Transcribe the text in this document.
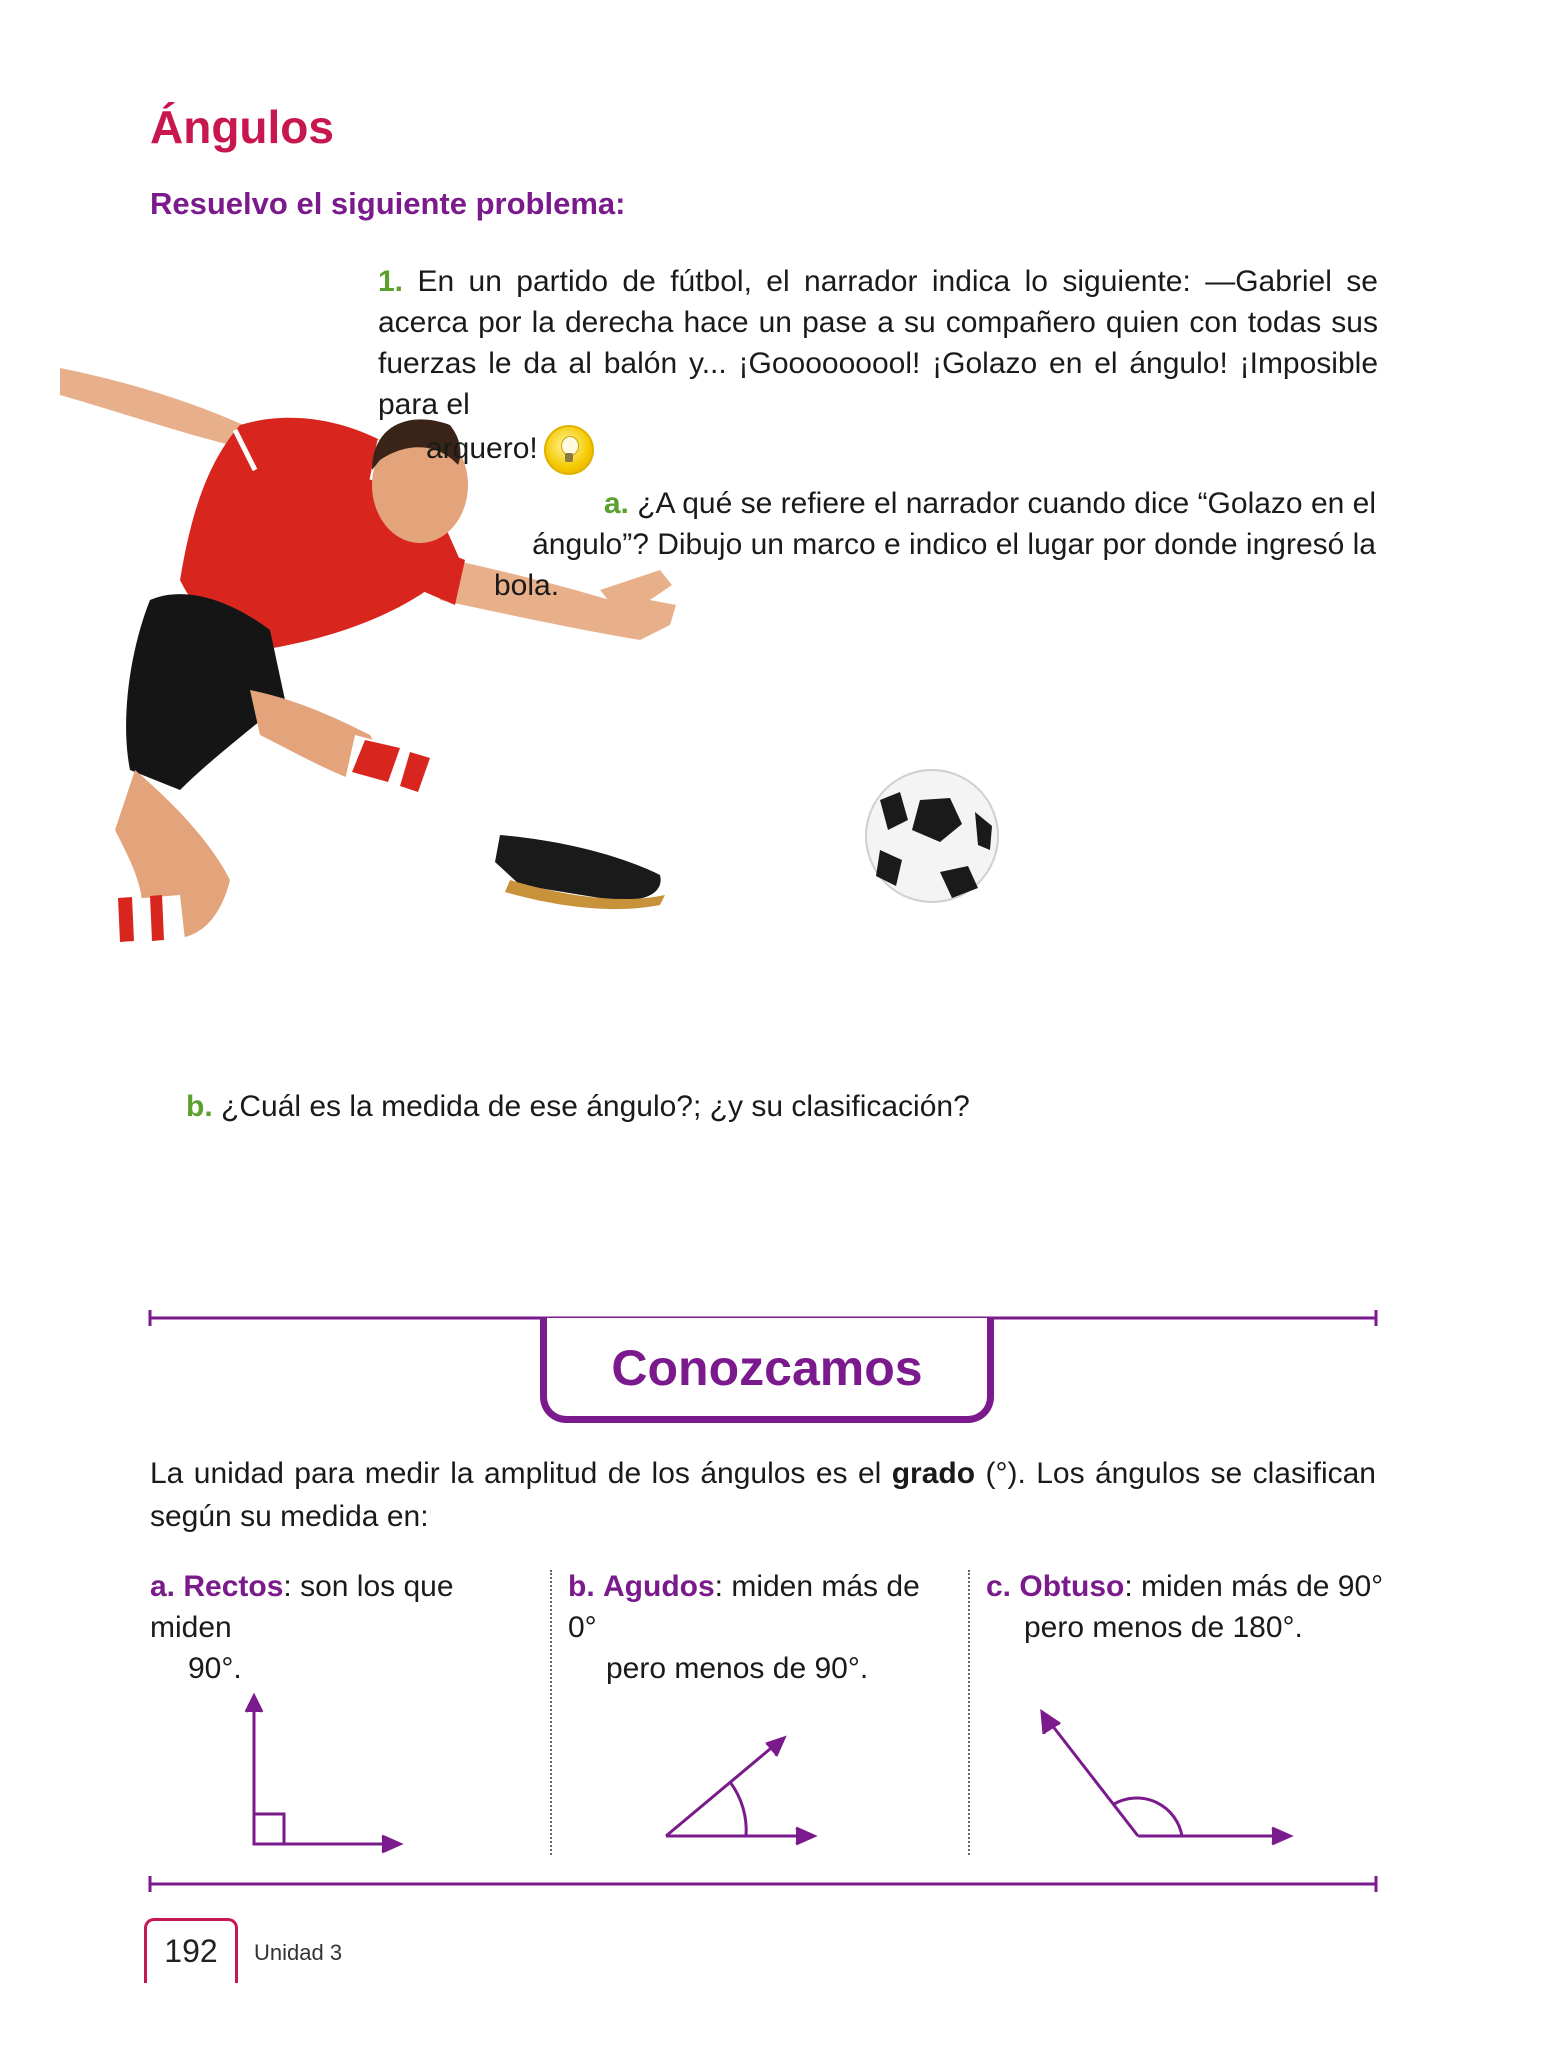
Ángulos
Resuelvo el siguiente problema:
1. En un partido de fútbol, el narrador indica lo siguiente: —Gabriel se acerca por la derecha hace un pase a su compañero quien con todas sus fuerzas le da al balón y... ¡Gooooooool! ¡Golazo en el ángulo! ¡Imposible para el
arquero!
a. ¿A qué se refiere el narrador cuando dice “Golazo en el ángulo”? Dibujo un marco e indico el lugar por donde ingresó la bola.
b. ¿Cuál es la medida de ese ángulo?; ¿y su clasificación?
Conozcamos
La unidad para medir la amplitud de los ángulos es el grado (°). Los ángulos se clasifican según su medida en:
a. Rectos: son los que miden
90°.
b. Agudos: miden más de 0°
pero menos de 90°.
c. Obtuso: miden más de 90°
pero menos de 180°.
192	Unidad 3
